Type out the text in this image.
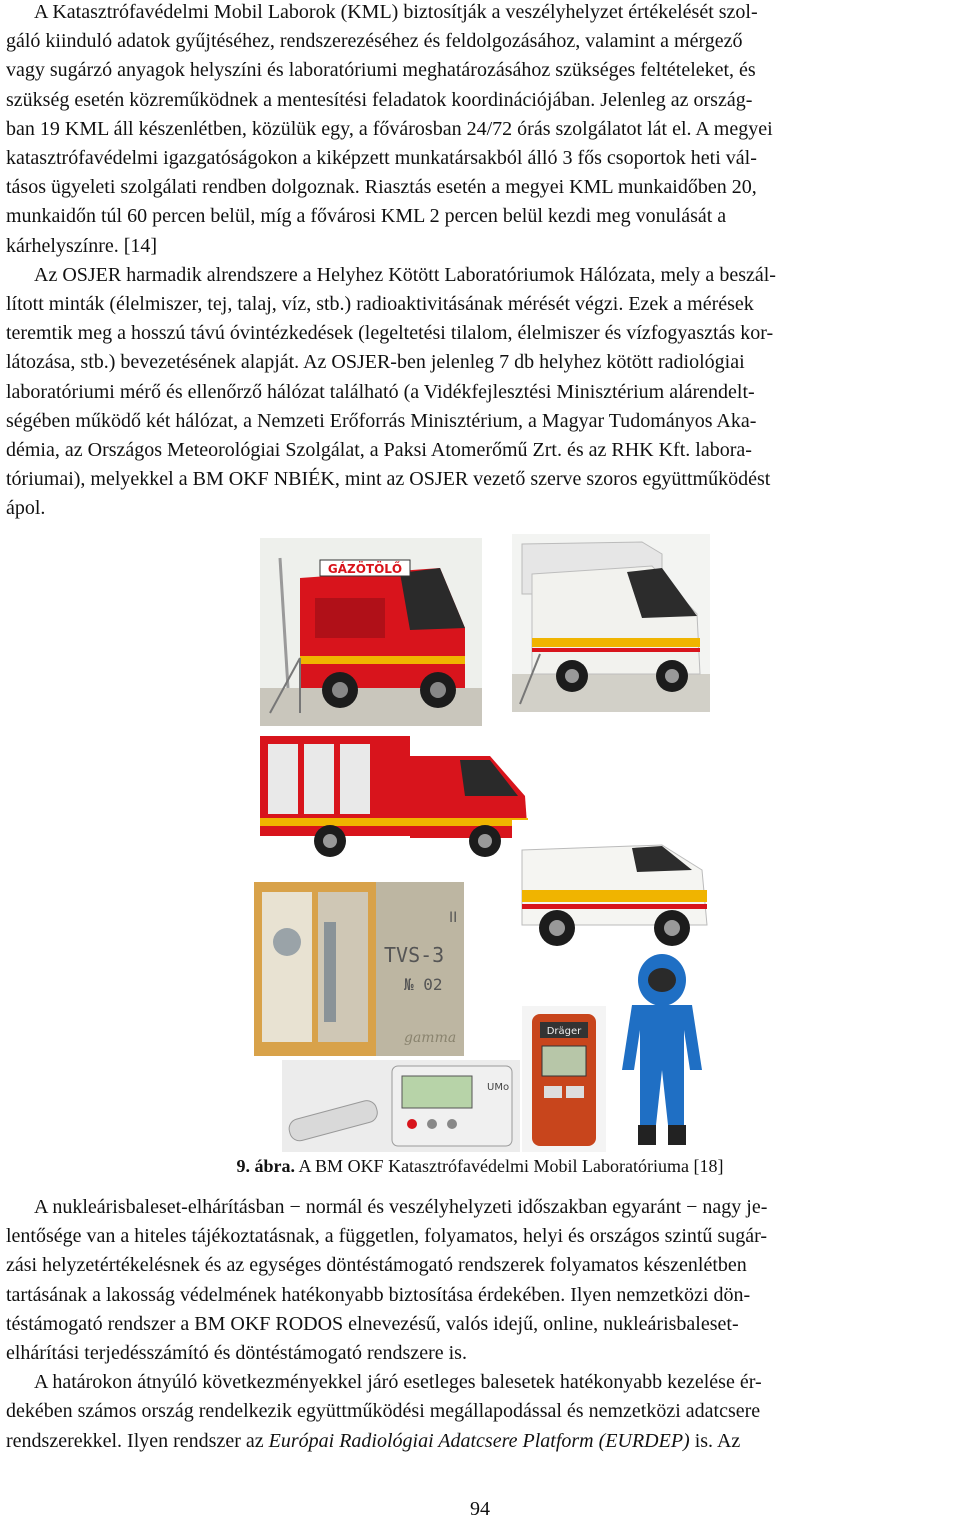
A Katasztrófavédelmi Mobil Laborok (KML) biztosítják a veszélyhelyzet értékelését szol-
gáló kiinduló adatok gyűjtéséhez, rendszerezéséhez és feldolgozásához, valamint a mérgező
vagy sugárzó anyagok helyszíni és laboratóriumi meghatározásához szükséges feltételeket, és
szükség esetén közreműködnek a mentesítési feladatok koordinációjában. Jelenleg az ország-
ban 19 KML áll készenlétben, közülük egy, a fővárosban 24/72 órás szolgálatot lát el. A megyei
katasztrófavédelmi igazgatóságokon a kiképzett munkatársakból álló 3 fős csoportok heti vál-
tásos ügyeleti szolgálati rendben dolgoznak. Riasztás esetén a megyei KML munkaidőben 20,
munkaidőn túl 60 percen belül, míg a fővárosi KML 2 percen belül kezdi meg vonulását a
kárhelyszínre. [14]
Az OSJER harmadik alrendszere a Helyhez Kötött Laboratóriumok Hálózata, mely a beszál-
lított minták (élelmiszer, tej, talaj, víz, stb.) radioaktivitásának mérését végzi. Ezek a mérések
teremtik meg a hosszú távú óvintézkedések (legeltetési tilalom, élelmiszer és vízfogyasztás kor-
látozása, stb.) bevezetésének alapját. Az OSJER-ben jelenleg 7 db helyhez kötött radiológiai
laboratóriumi mérő és ellenőrző hálózat található (a Vidékfejlesztési Minisztérium alárendelt-
ségében működő két hálózat, a Nemzeti Erőforrás Minisztérium, a Magyar Tudományos Aka-
démia, az Országos Meteorológiai Szolgálat, a Paksi Atomerőmű Zrt. és az RHK Kft. labora-
tóriumai), melyekkel a BM OKF NBIÉK, mint az OSJER vezető szerve szoros együttműködést
ápol.

GÁZÖTÖLŐ
II
TVS-3
№ 02
gamma	Dräger
UMo
9. ábra. A BM OKF Katasztrófavédelmi Mobil Laboratóriuma [18]

A nukleárisbaleset-elhárításban − normál és veszélyhelyzeti időszakban egyaránt − nagy je-
lentősége van a hiteles tájékoztatásnak, a független, folyamatos, helyi és országos szintű sugár-
zási helyzetértékelésnek és az egységes döntéstámogató rendszerek folyamatos készenlétben
tartásának a lakosság védelmének hatékonyabb biztosítása érdekében. Ilyen nemzetközi dön-
téstámogató rendszer a BM OKF RODOS elnevezésű, valós idejű, online, nukleárisbaleset-
elhárítási terjedésszámító és döntéstámogató rendszere is.
A határokon átnyúló következményekkel járó esetleges balesetek hatékonyabb kezelése ér-
dekében számos ország rendelkezik együttműködési megállapodással és nemzetközi adatcsere
rendszerekkel. Ilyen rendszer az Európai Radiológiai Adatcsere Platform (EURDEP) is. Az

94
